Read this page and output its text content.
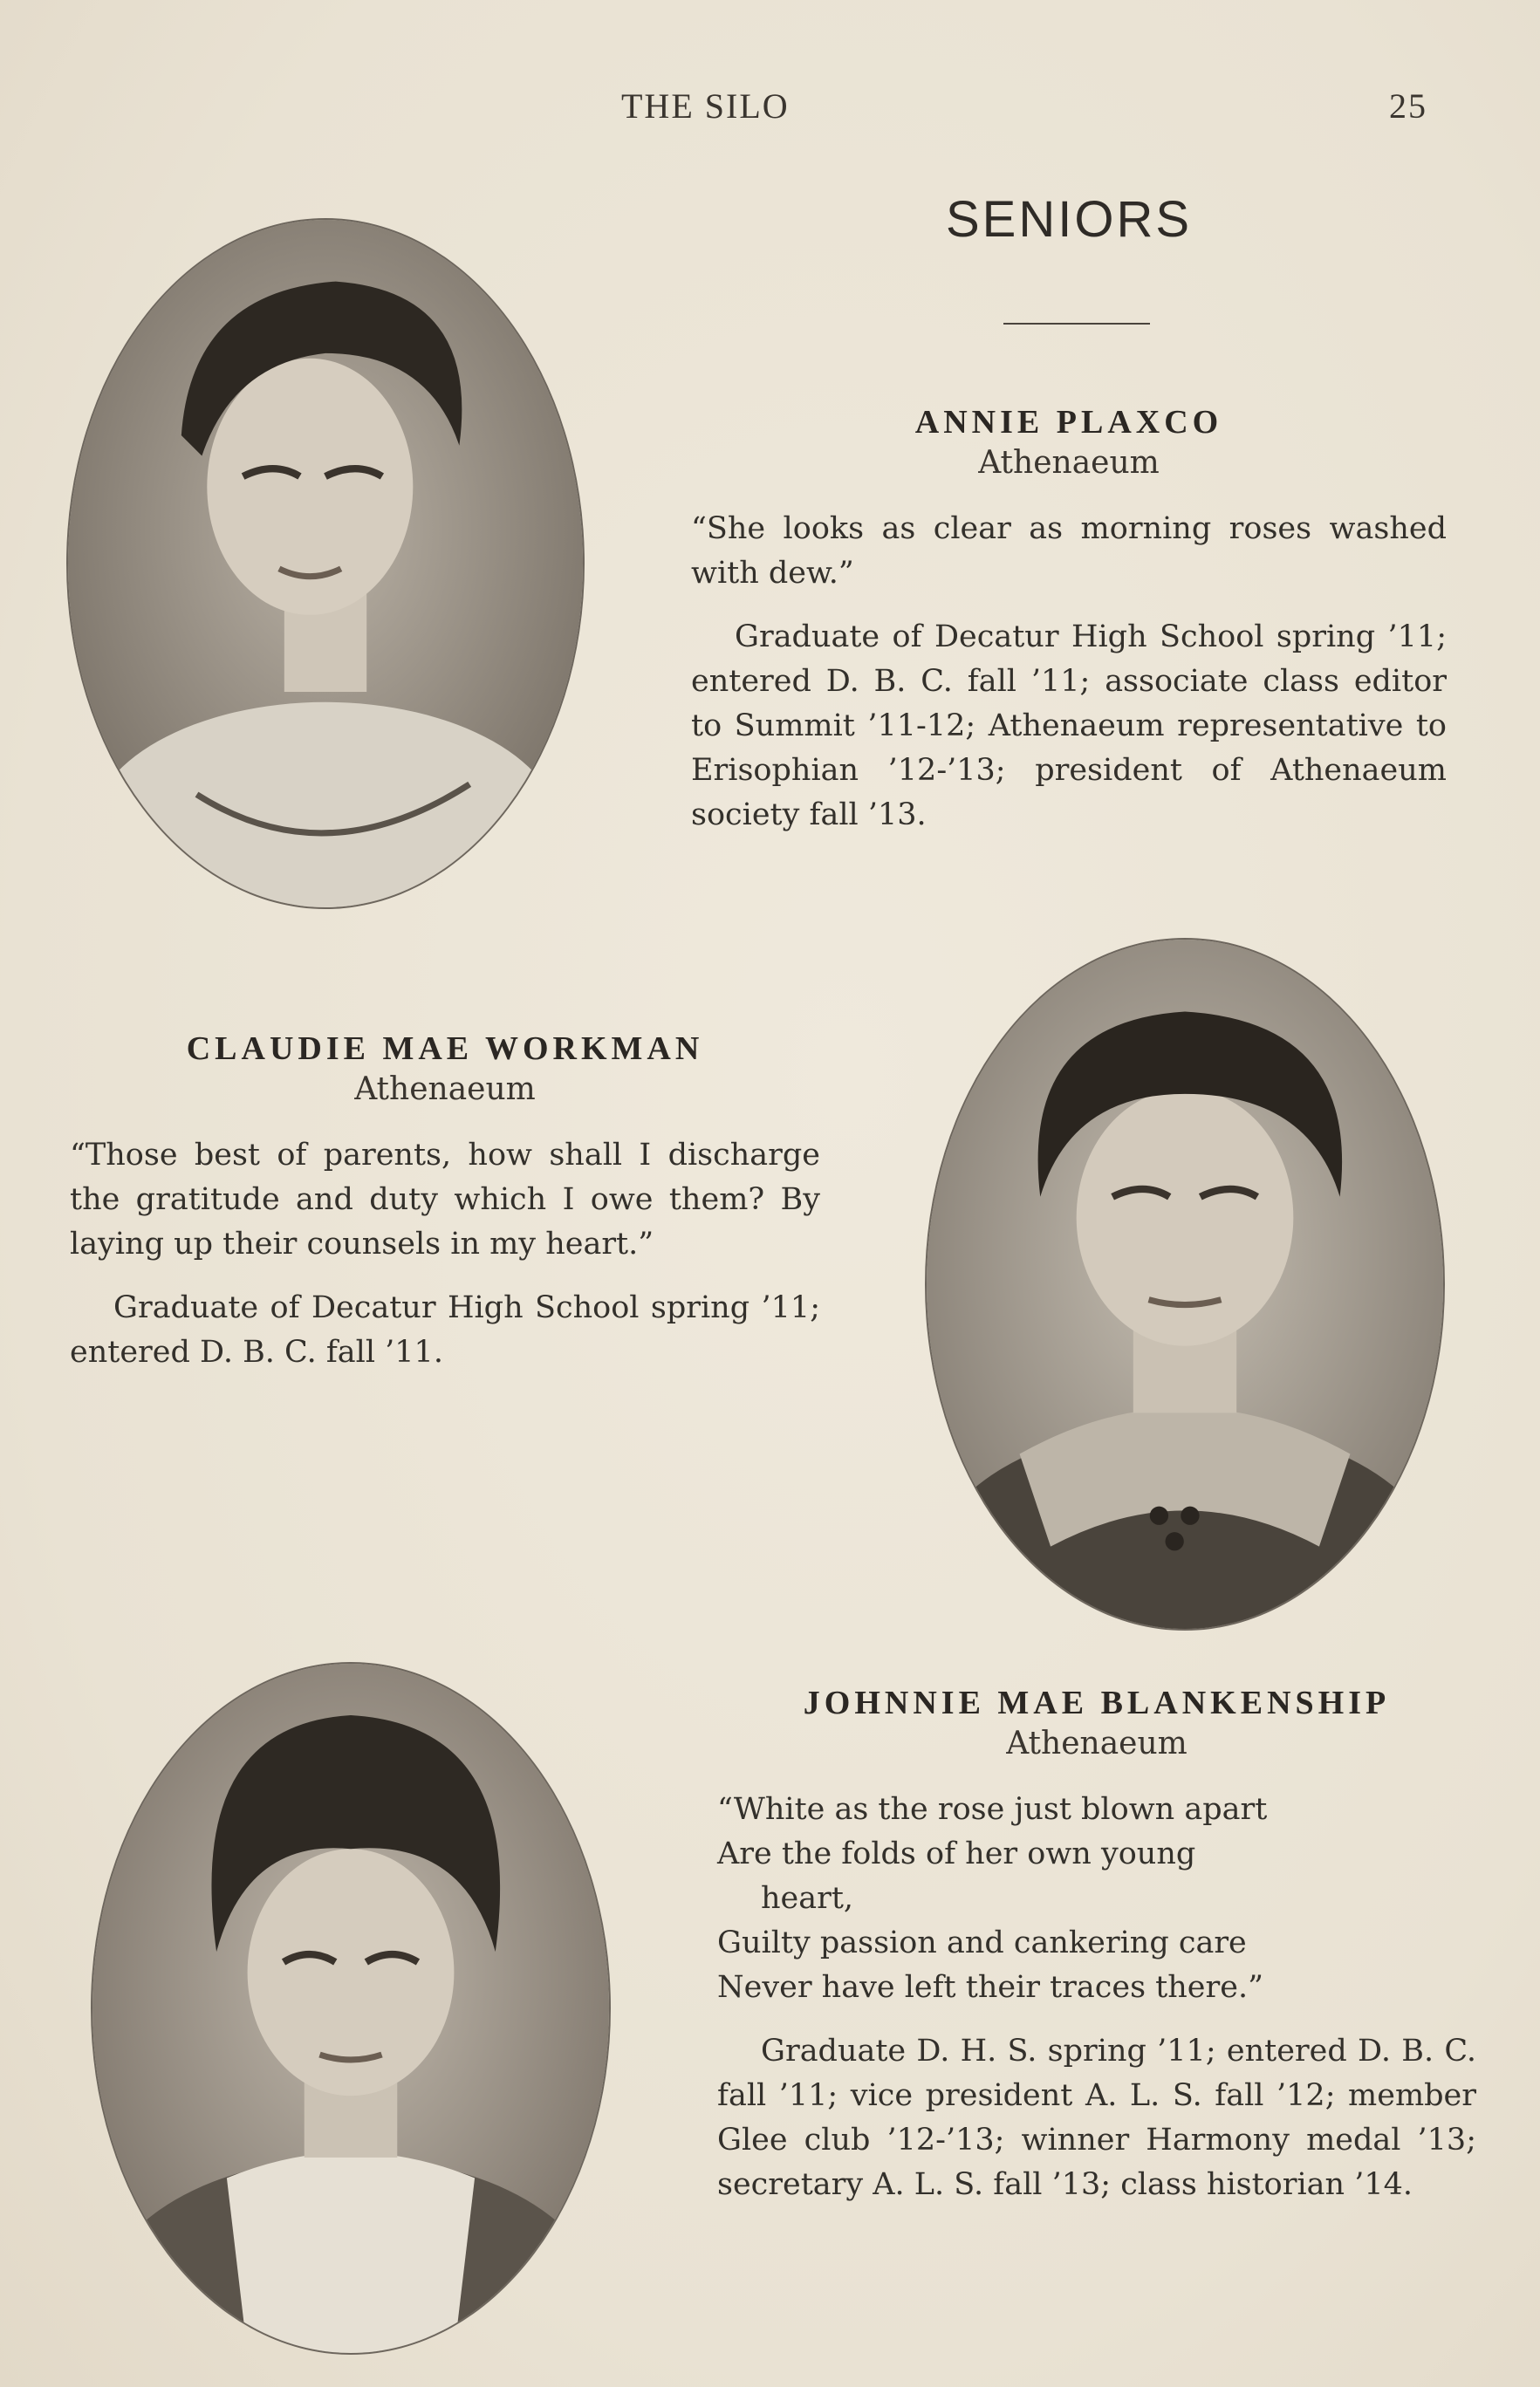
THE SILO	25
SENIORS
ANNIE PLAXCO
Athenaeum

“She looks as clear as morning roses washed with dew.”

Graduate of Decatur High School spring ’11; entered D. B. C. fall ’11; associate class editor to Summit ’11-12; Athenaeum representative to Erisophian ’12-’13; president of Athenaeum society fall ’13.

CLAUDIE MAE WORKMAN
Athenaeum

“Those best of parents, how shall I discharge the gratitude and duty which I owe them? By laying up their counsels in my heart.”

Graduate of Decatur High School spring ’11; entered D. B. C. fall ’11.

JOHNNIE MAE BLANKENSHIP
Athenaeum

“White as the rose just blown apart
Are the folds of her own young
heart,
Guilty passion and cankering care
Never have left their traces there.”

Graduate D. H. S. spring ’11; entered D. B. C. fall ’11; vice president A. L. S. fall ’12; member Glee club ’12-’13; winner Harmony medal ’13; secretary A. L. S. fall ’13; class historian ’14.
